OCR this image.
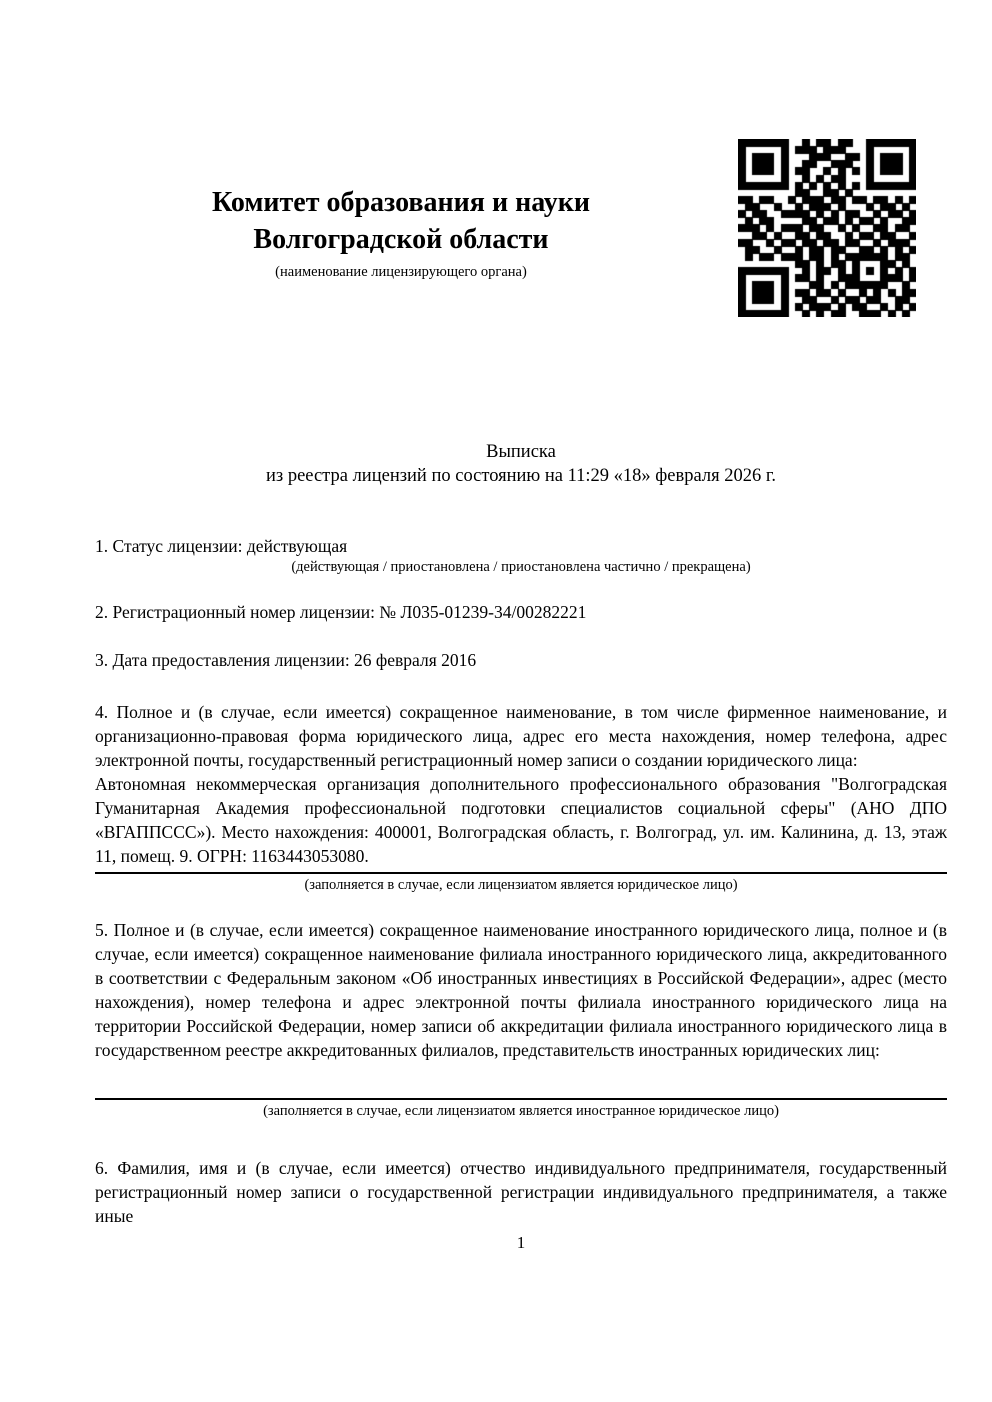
Комитет образования и науки
Волгоградской области
(наименование лицензирующего органа)
Выписка
из реестра лицензий по состоянию на 11:29 «18» февраля 2026 г.
1. Статус лицензии: действующая
(действующая / приостановлена / приостановлена частично / прекращена)
2. Регистрационный номер лицензии: № Л035-01239-34/00282221
3. Дата предоставления лицензии: 26 февраля 2016
4. Полное и (в случае, если имеется) сокращенное наименование, в том числе фирменное наименование, и организационно-правовая форма юридического лица, адрес его места нахождения, номер телефона, адрес электронной почты, государственный регистрационный номер записи о создании юридического лица:
Автономная некоммерческая организация дополнительного профессионального образования "Волгоградская Гуманитарная Академия профессиональной подготовки специалистов социальной сферы" (АНО ДПО «ВГАППССС»). Место нахождения: 400001, Волгоградская область, г. Волгоград, ул. им. Калинина, д. 13, этаж 11, помещ. 9. ОГРН: 1163443053080.
(заполняется в случае, если лицензиатом является юридическое лицо)
5. Полное и (в случае, если имеется) сокращенное наименование иностранного юридического лица, полное и (в случае, если имеется) сокращенное наименование филиала иностранного юридического лица, аккредитованного в соответствии с Федеральным законом «Об иностранных инвестициях в Российской Федерации», адрес (место нахождения), номер телефона и адрес электронной почты филиала иностранного юридического лица на территории Российской Федерации, номер записи об аккредитации филиала иностранного юридического лица в государственном реестре аккредитованных филиалов, представительств иностранных юридических лиц:
(заполняется в случае, если лицензиатом является иностранное юридическое лицо)
6. Фамилия, имя и (в случае, если имеется) отчество индивидуального предпринимателя, государственный регистрационный номер записи о государственной регистрации индивидуального предпринимателя, а также иные
1
